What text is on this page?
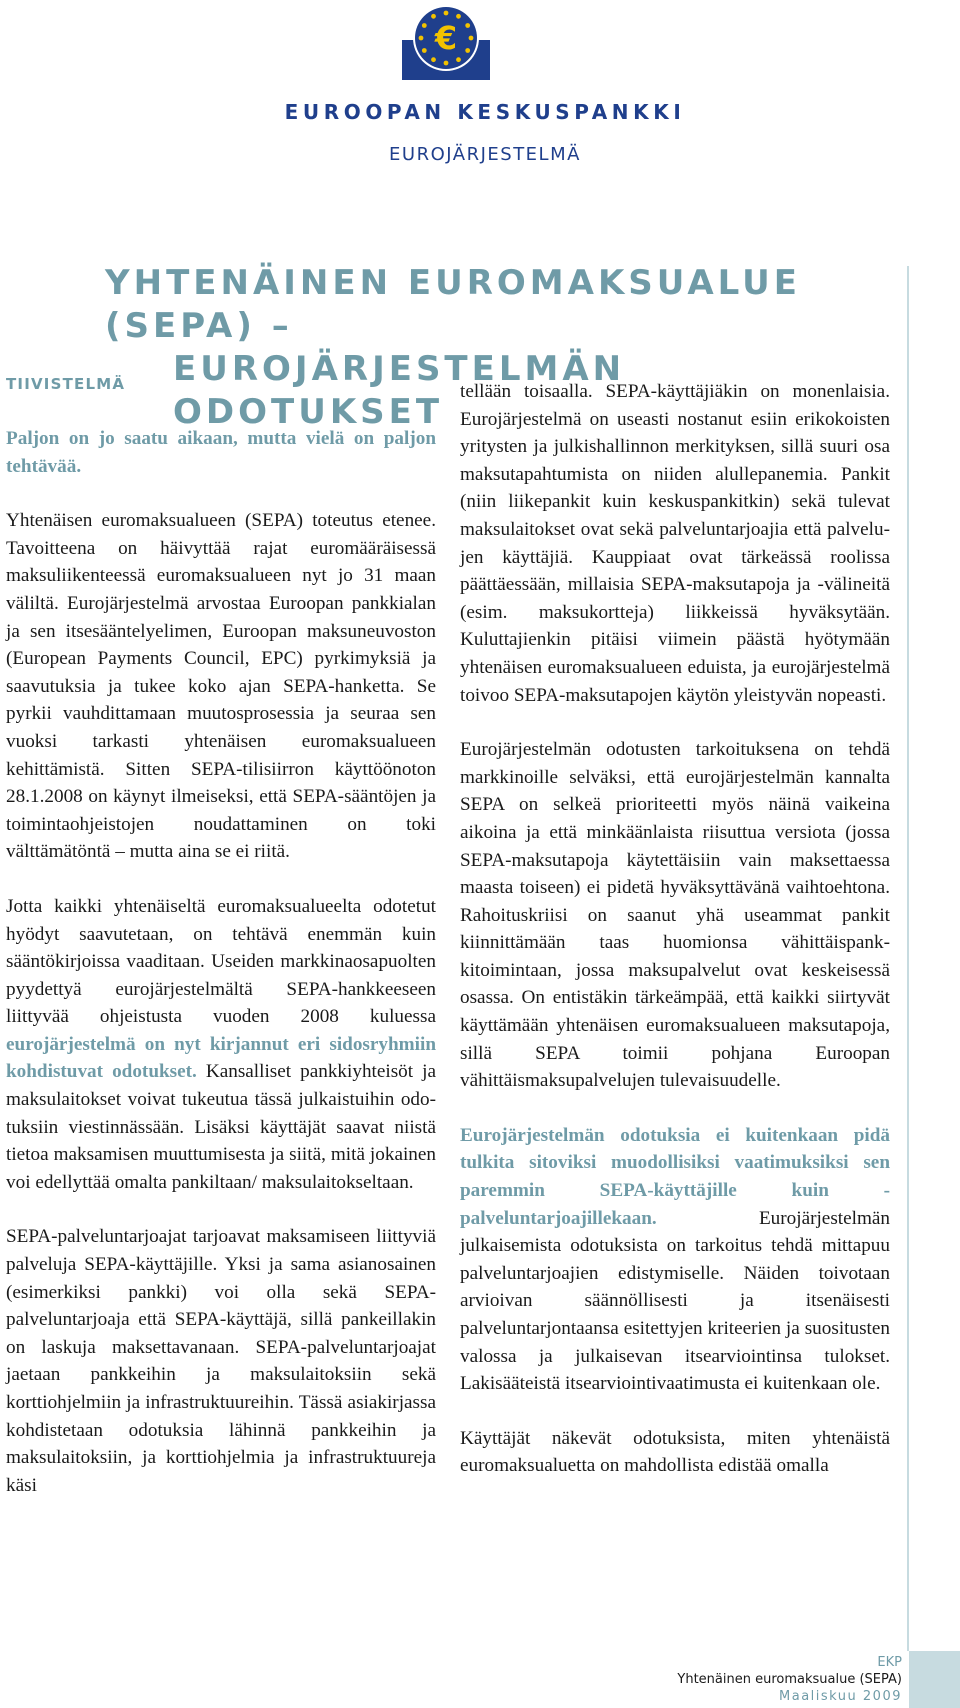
€
EUROOPAN KESKUSPANKKI
EUROJÄRJESTELMÄ
YHTENÄINEN EUROMAKSUALUE (SEPA) –
EUROJÄRJESTELMÄN ODOTUKSET

TIIVISTELMÄ

Paljon on jo saatu aikaan, mutta vielä on paljon tehtävää.

Yhtenäisen euromaksualueen (SEPA) toteutus etenee. Tavoitteena on häivyttää rajat euromääräisessä maksuliikenteessä euromaksualueen nyt jo 31 maan väliltä. Eurojärjestelmä arvostaa Euroopan pankkialan ja sen itsesääntelyelimen, Euroopan maksuneuvoston (European Payments Council, EPC) pyrkimyksiä ja saavutuksia ja tukee koko ajan SEPA-hanketta. Se pyrkii vauhdittamaan muutosprosessia ja seuraa sen vuoksi tarkasti yhtenäisen euromaksualueen kehittämistä. Sitten SEPA-tilisiirron käyttöönoton 28.1.2008 on käynyt ilmeiseksi, että SEPA-sääntöjen ja toimintaohjeistojen noudattaminen on toki välttämätöntä – mutta aina se ei riitä.

Jotta kaikki yhtenäiseltä euromaksualueelta odotetut hyödyt saavutetaan, on tehtävä enemmän kuin sääntökirjoissa vaaditaan. Useiden markkinaosapuolten pyydettyä eurojärjestelmältä SEPA-hankkeeseen liittyvää ohjeistusta vuoden 2008 kuluessa eurojärjestelmä on nyt kirjannut eri sidosryhmiin kohdistuvat odotukset. Kansalliset pankkiyhteisöt ja maksulaitokset voivat tukeutua tässä julkaistuihin odotuksiin viestinnässään. Lisäksi käyttäjät saavat niistä tietoa maksamisen muuttumisesta ja siitä, mitä jokainen voi edellyttää omalta pankiltaan/ maksulaitokseltaan.

SEPA-palveluntarjoajat tarjoavat maksamiseen liittyviä palveluja SEPA-käyttäjille. Yksi ja sama asianosainen (esimerkiksi pankki) voi olla sekä SEPA-palveluntarjoaja että SEPA-käyttäjä, sillä pankeillakin on laskuja maksettavanaan. SEPA-palveluntarjoajat jaetaan pankkeihin ja maksulaitoksiin sekä korttiohjelmiin ja infrastruktuureihin. Tässä asiakirjassa kohdistetaan odotuksia lähinnä pankkeihin ja maksulaitoksiin, ja korttiohjelmia ja infrastruktuureja käsi

tellään toisaalla. SEPA-käyttäjiäkin on monenlaisia. Eurojärjestelmä on useasti nostanut esiin erikokoisten yritysten ja julkishallinnon merkityksen, sillä suuri osa maksutapahtumista on niiden alullepanemia. Pankit (niin liikepankit kuin keskuspankitkin) sekä tulevat maksulaitokset ovat sekä palveluntarjoajia että palvelujen käyttäjiä. Kauppiaat ovat tärkeässä roolissa päättäessään, millaisia SEPA-maksutapoja ja -välineitä (esim. maksukortteja) liikkeissä hyväksytään. Kuluttajienkin pitäisi viimein päästä hyötymään yhtenäisen euromaksualueen eduista, ja eurojärjestelmä toivoo SEPA-maksutapojen käytön yleistyvän nopeasti.

Eurojärjestelmän odotusten tarkoituksena on tehdä markkinoille selväksi, että eurojärjestelmän kannalta SEPA on selkeä prioriteetti myös näinä vaikeina aikoina ja että minkäänlaista riisuttua versiota (jossa SEPA-maksutapoja käytettäisiin vain maksettaessa maasta toiseen) ei pidetä hyväksyttävänä vaihtoehtona. Rahoituskriisi on saanut yhä useammat pankit kiinnittämään taas huomionsa vähittäispankkitoimintaan, jossa maksupalvelut ovat keskeisessä osassa. On entistäkin tärkeämpää, että kaikki siirtyvät käyttämään yhtenäisen euromaksualueen maksutapoja, sillä SEPA toimii pohjana Euroopan vähittäismaksupalvelujen tulevaisuudelle.

Eurojärjestelmän odotuksia ei kuitenkaan pidä tulkita sitoviksi muodollisiksi vaatimuksiksi sen paremmin SEPA-käyttäjille kuin -palveluntarjoajillekaan. Eurojärjestelmän julkaisemista odotuksista on tarkoitus tehdä mittapuu palveluntarjoajien edistymiselle. Näiden toivotaan arvioivan säännöllisesti ja itsenäisesti palveluntarjontaansa esitettyjen kriteerien ja suositusten valossa ja julkaisevan itsearviointinsa tulokset. Lakisääteistä itsearviointivaatimusta ei kuitenkaan ole.

Käyttäjät näkevät odotuksista, miten yhtenäistä euromaksualuetta on mahdollista edistää omalla

EKP
Yhtenäinen euromaksualue (SEPA)
Maaliskuu 2009
